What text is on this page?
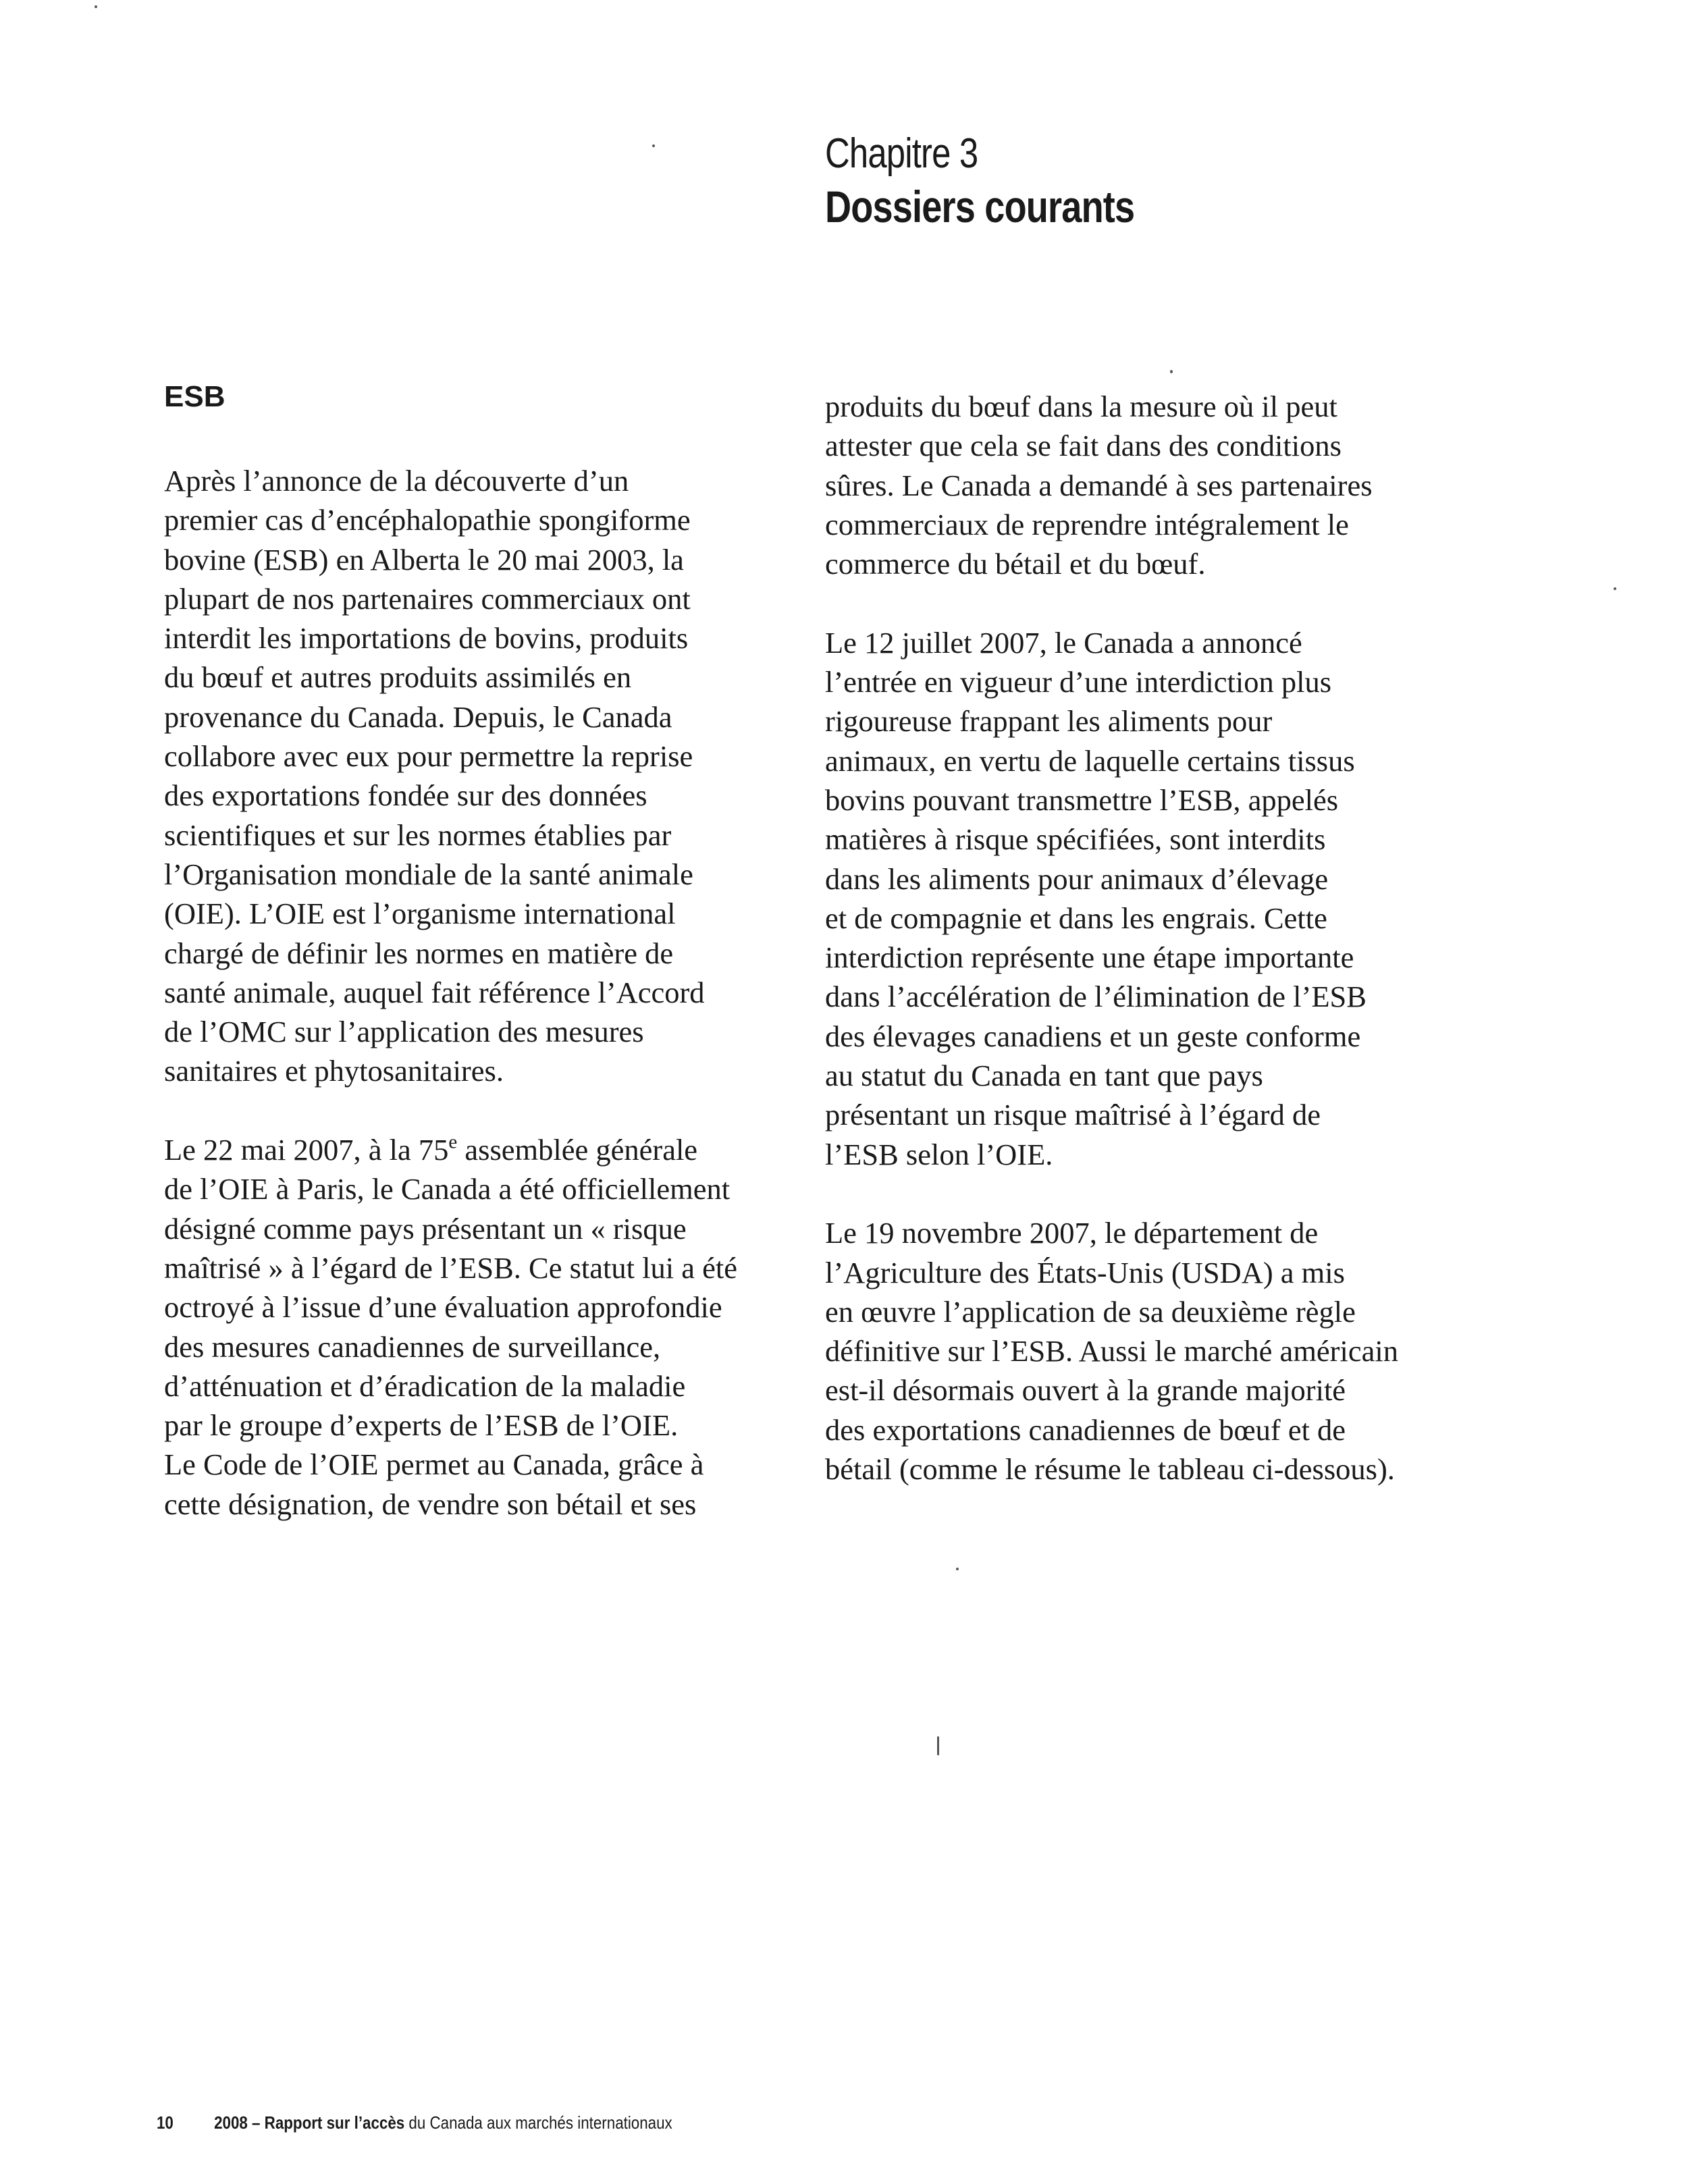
Chapitre 3
Dossiers courants
ESB

Après l’annonce de la découverte d’un
premier cas d’encéphalopathie spongiforme
bovine (ESB) en Alberta le 20 mai 2003, la
plupart de nos partenaires commerciaux ont
interdit les importations de bovins, produits
du bœuf et autres produits assimilés en
provenance du Canada. Depuis, le Canada
collabore avec eux pour permettre la reprise
des exportations fondée sur des données
scientifiques et sur les normes établies par
l’Organisation mondiale de la santé animale
(OIE). L’OIE est l’organisme international
chargé de définir les normes en matière de
santé animale, auquel fait référence l’Accord
de l’OMC sur l’application des mesures
sanitaires et phytosanitaires.

Le 22 mai 2007, à la 75e assemblée générale
de l’OIE à Paris, le Canada a été officiellement
désigné comme pays présentant un « risque
maîtrisé » à l’égard de l’ESB. Ce statut lui a été
octroyé à l’issue d’une évaluation approfondie
des mesures canadiennes de surveillance,
d’atténuation et d’éradication de la maladie
par le groupe d’experts de l’ESB de l’OIE.
Le Code de l’OIE permet au Canada, grâce à
cette désignation, de vendre son bétail et ses

produits du bœuf dans la mesure où il peut
attester que cela se fait dans des conditions
sûres. Le Canada a demandé à ses partenaires
commerciaux de reprendre intégralement le
commerce du bétail et du bœuf.

Le 12 juillet 2007, le Canada a annoncé
l’entrée en vigueur d’une interdiction plus
rigoureuse frappant les aliments pour
animaux, en vertu de laquelle certains tissus
bovins pouvant transmettre l’ESB, appelés
matières à risque spécifiées, sont interdits
dans les aliments pour animaux d’élevage
et de compagnie et dans les engrais. Cette
interdiction représente une étape importante
dans l’accélération de l’élimination de l’ESB
des élevages canadiens et un geste conforme
au statut du Canada en tant que pays
présentant un risque maîtrisé à l’égard de
l’ESB selon l’OIE.

Le 19 novembre 2007, le département de
l’Agriculture des États-Unis (USDA) a mis
en œuvre l’application de sa deuxième règle
définitive sur l’ESB. Aussi le marché américain
est-il désormais ouvert à la grande majorité
des exportations canadiennes de bœuf et de
bétail (comme le résume le tableau ci-dessous).

10 2008 – Rapport sur l’accès du Canada aux marchés internationaux
